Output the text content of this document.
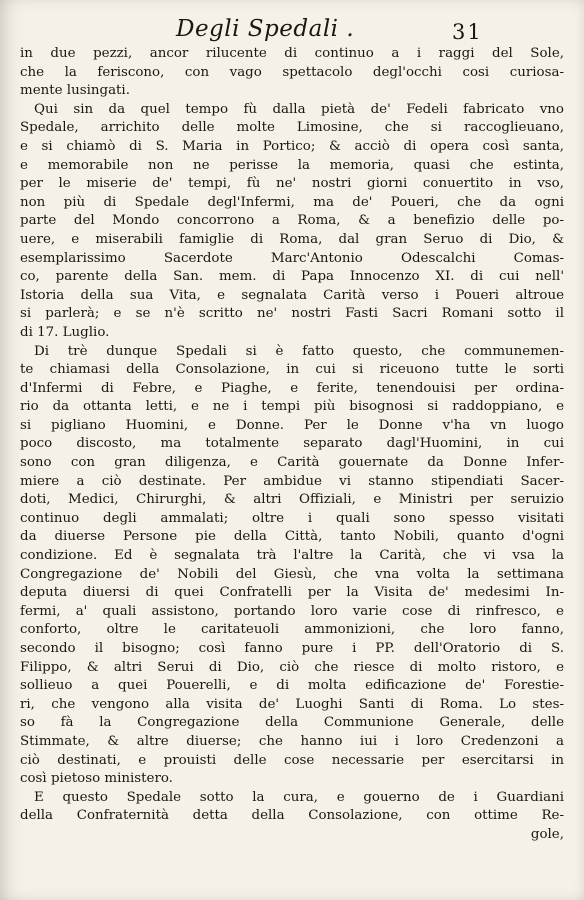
Degli Spedali .	31
in due pezzi, ancor rilucente di continuo a i raggi del Sole,
che la feriscono, con vago spettacolo degl'occhi cosi curiosa-
mente lusingati.
Qui sin da quel tempo fù dalla pietà de' Fedeli fabricato vno
Spedale, arrichito delle molte Limosine, che si raccoglieuano,
e si chiamò di S. Maria in Portico; & acciò di opera così santa,
e memorabile non ne perisse la memoria, quasi che estinta,
per le miserie de' tempi, fù ne' nostri giorni conuertito in vso,
non più di Spedale degl'Infermi, ma de' Poueri, che da ogni
parte del Mondo concorrono a Roma, & a benefizio delle po-
uere, e miserabili famiglie di Roma, dal gran Seruo di Dio, &
esemplarissimo Sacerdote Marc'Antonio Odescalchi Comas-
co, parente della San. mem. di Papa Innocenzo XI. di cui nell'
Istoria della sua Vita, e segnalata Carità verso i Poueri altroue
si parlerà; e se n'è scritto ne' nostri Fasti Sacri Romani sotto il
di 17. Luglio.
Di trè dunque Spedali si è fatto questo, che communemen-
te chiamasi della Consolazione, in cui si riceuono tutte le sorti
d'Infermi di Febre, e Piaghe, e ferite, tenendouisi per ordina-
rio da ottanta letti, e ne i tempi più bisognosi si raddoppiano, e
si pigliano Huomini, e Donne. Per le Donne v'ha vn luogo
poco discosto, ma totalmente separato dagl'Huomini, in cui
sono con gran diligenza, e Carità gouernate da Donne Infer-
miere a ciò destinate. Per ambidue vi stanno stipendiati Sacer-
doti, Medici, Chirurghi, & altri Offiziali, e Ministri per seruizio
continuo degli ammalati; oltre i quali sono spesso visitati
da diuerse Persone pie della Città, tanto Nobili, quanto d'ogni
condizione. Ed è segnalata trà l'altre la Carità, che vi vsa la
Congregazione de' Nobili del Giesù, che vna volta la settimana
deputa diuersi di quei Confratelli per la Visita de' medesimi In-
fermi, a' quali assistono, portando loro varie cose di rinfresco, e
conforto, oltre le caritateuoli ammonizioni, che loro fanno,
secondo il bisogno; così fanno pure i PP. dell'Oratorio di S.
Filippo, & altri Serui di Dio, ciò che riesce di molto ristoro, e
sollieuo a quei Pouerelli, e di molta edificazione de' Forestie-
ri, che vengono alla visita de' Luoghi Santi di Roma. Lo stes-
so fà la Congregazione della Communione Generale, delle
Stimmate, & altre diuerse; che hanno iui i loro Credenzoni a
ciò destinati, e prouisti delle cose necessarie per esercitarsi in
così pietoso ministero.
E questo Spedale sotto la cura, e gouerno de i Guardiani
della Confraternità detta della Consolazione, con ottime Re-
gole,
